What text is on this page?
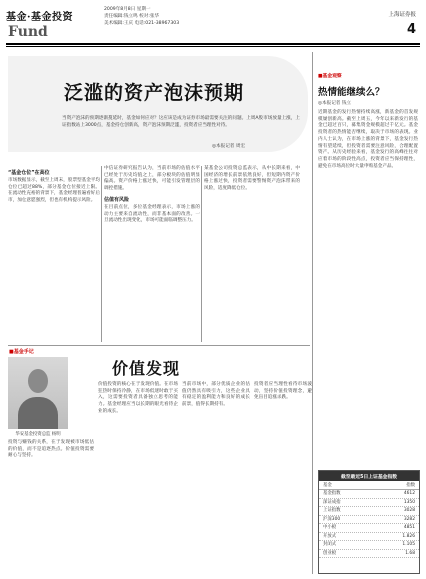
基金·基金投资
Fund
2009年8月8日 星期一
责任编辑:钱立鸣 校对:张华
美术编辑:王庆 电话:021-38967303
上海证券报
4
泛滥的资产泡沫预期
当资产泡沫的预期逐渐蔓延时，基金如何应对？这应该是成为证券市场最需要关注的问题。上周A股市场放量上涨，上证指数站上3000点，基金持仓创新高，资产泡沫预期泛滥，投资者应当理性对待。
◎本报记者 周宏
“基金仓位”在高位
市场数据显示，截至上周末，股票型基金平均仓位已超过88%，部分基金仓位接近上限。在流动性充裕的背景下，基金经理普遍看好后市，加仓意愿强烈，但也有机构提示风险。
中信证券研究报告认为，当前市场的估值水平已经处于历史均值之上，部分板块的估值明显偏高。资产价格上涨过快，可能引发管理层的调控措施。
估值有风险
在目前点位，多位基金经理表示，市场上涨的动力主要来自流动性，而非基本面的改善。一旦流动性出现变化，市场可能面临调整压力。
某基金公司投资总监表示，从中长期来看，中国经济的增长前景依然良好，但短期内资产价格上涨过快，投资者需要警惕资产泡沫带来的风险，适度降低仓位。
■基金手记
华安基金投资总监 杨明
价值发现
投资与赚钱的关系，在于发现被市场低估的价值，而不是追逐热点。价值投资需要耐心与坚持。
价值投资的核心在于发现价值。在市场狂热时保持冷静，在市场低迷时敢于买入，这需要投资者具备独立思考的能力。基金经理应当以长期的眼光看待企业的成长。
当前市场中，部分优质企业的估值仍然具有吸引力，这些企业具有稳定的盈利能力和良好的成长前景，值得长期持有。
投资者应当理性看待市场波动，坚持价值投资理念，避免盲目追涨杀跌。
■基金观察
热情能继续么？
◎本报记者 钱立
近期基金的发行热情持续高涨，新基金的首发规模屡创新高。截至上周五，今年以来新发行的基金已超过百只，募集资金规模超过千亿元。基金投资者的热情能否继续，取决于市场的表现。业内人士认为，在市场上涨的背景下，基金发行热情有望延续，但投资者需要注意风险，合理配置资产。从历史经验来看，基金发行的高峰往往对应着市场的阶段性高点，投资者应当保持理性，避免在市场高位时大量申购基金产品。
截至最近5日上证基金指数
基金	指数
基金指数	4612
深证成指	1350
上证指数	3028
沪深300	3282
中小板	4851
开放式	1.826
封闭式	1.105
创业板	1.68
